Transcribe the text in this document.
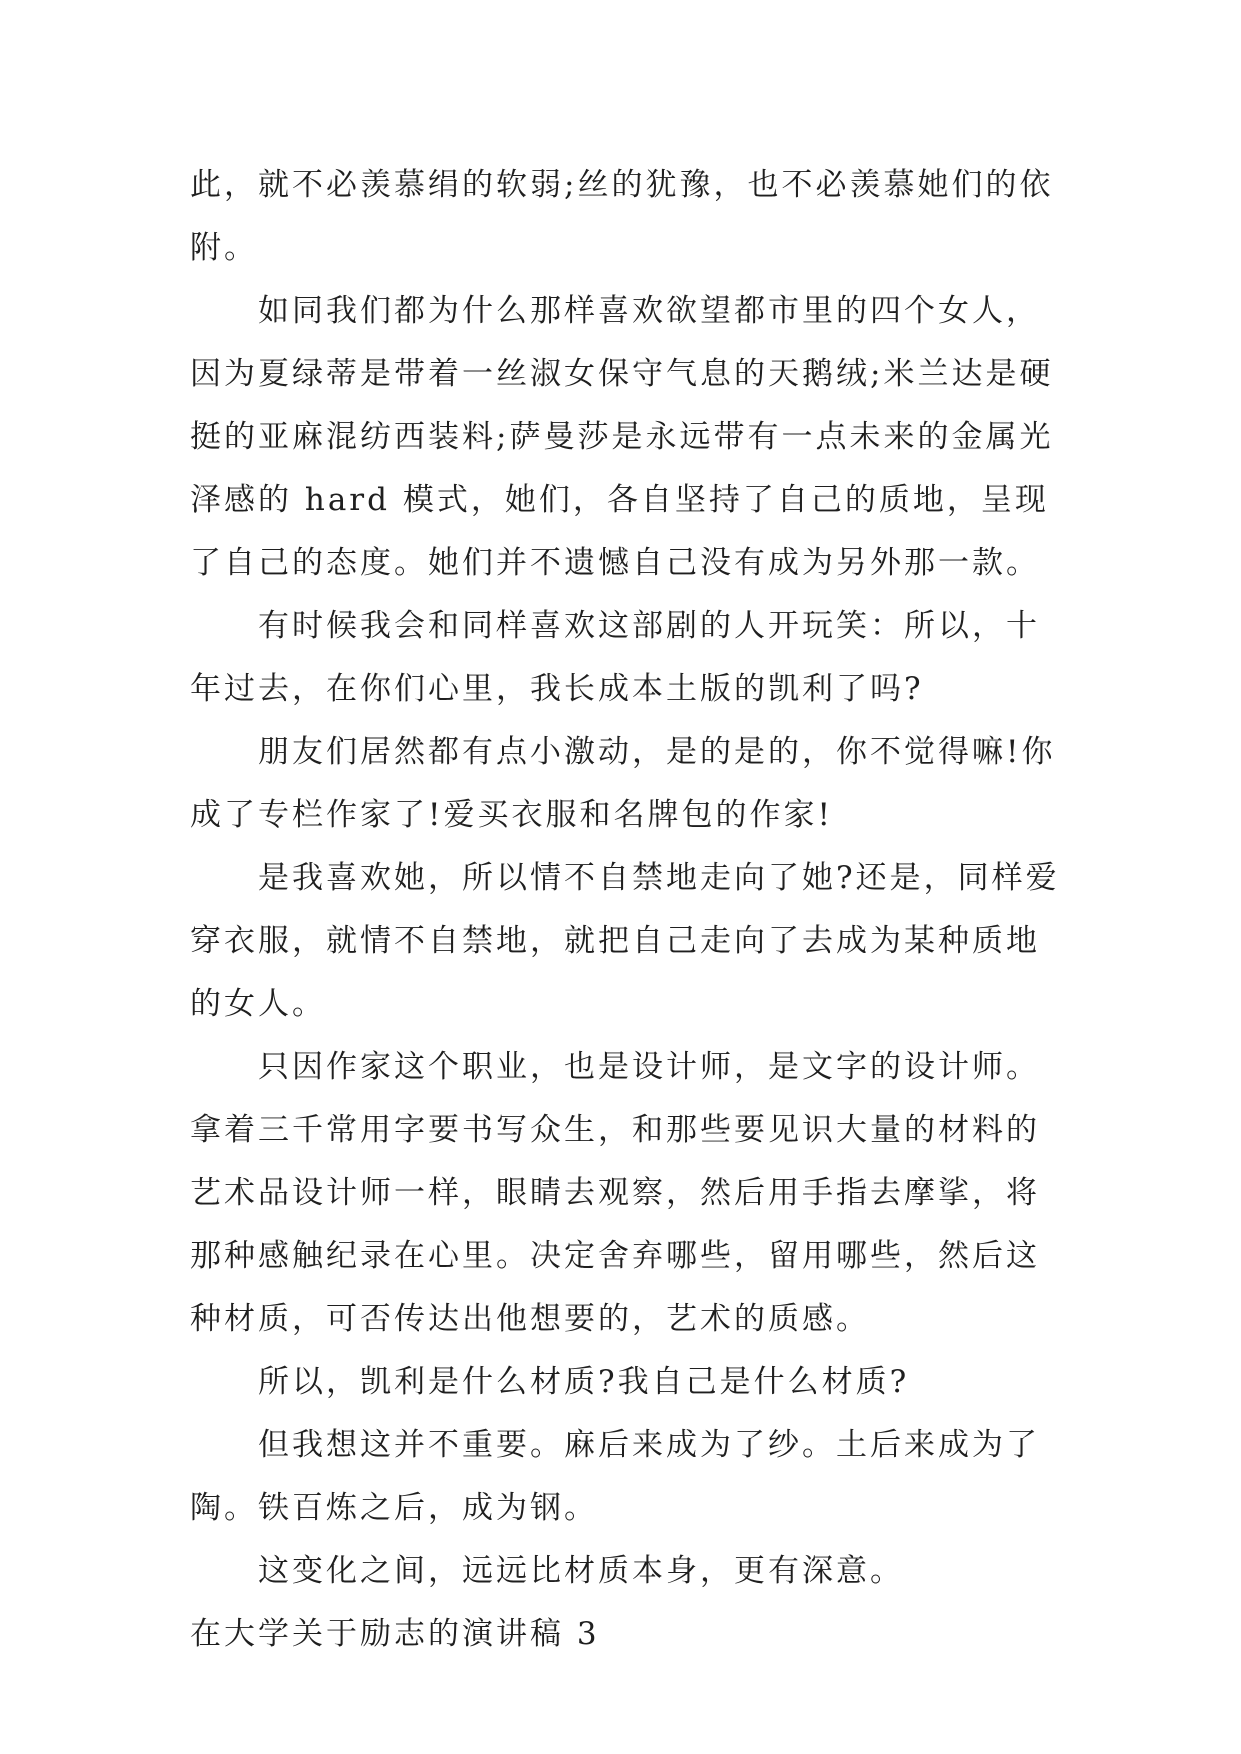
此，就不必羡慕绢的软弱;丝的犹豫，也不必羡慕她们的依附。

如同我们都为什么那样喜欢欲望都市里的四个女人，因为夏绿蒂是带着一丝淑女保守气息的天鹅绒;米兰达是硬挺的亚麻混纺西装料;萨曼莎是永远带有一点未来的金属光泽感的 hard 模式，她们，各自坚持了自己的质地，呈现了自己的态度。她们并不遗憾自己没有成为另外那一款。

有时候我会和同样喜欢这部剧的人开玩笑：所以，十年过去，在你们心里，我长成本土版的凯利了吗?

朋友们居然都有点小激动，是的是的，你不觉得嘛!你成了专栏作家了!爱买衣服和名牌包的作家!

是我喜欢她，所以情不自禁地走向了她?还是，同样爱穿衣服，就情不自禁地，就把自己走向了去成为某种质地的女人。

只因作家这个职业，也是设计师，是文字的设计师。拿着三千常用字要书写众生，和那些要见识大量的材料的艺术品设计师一样，眼睛去观察，然后用手指去摩挲，将那种感触纪录在心里。决定舍弃哪些，留用哪些，然后这种材质，可否传达出他想要的，艺术的质感。

所以，凯利是什么材质?我自己是什么材质?

但我想这并不重要。麻后来成为了纱。土后来成为了陶。铁百炼之后，成为钢。

这变化之间，远远比材质本身，更有深意。

在大学关于励志的演讲稿 3
